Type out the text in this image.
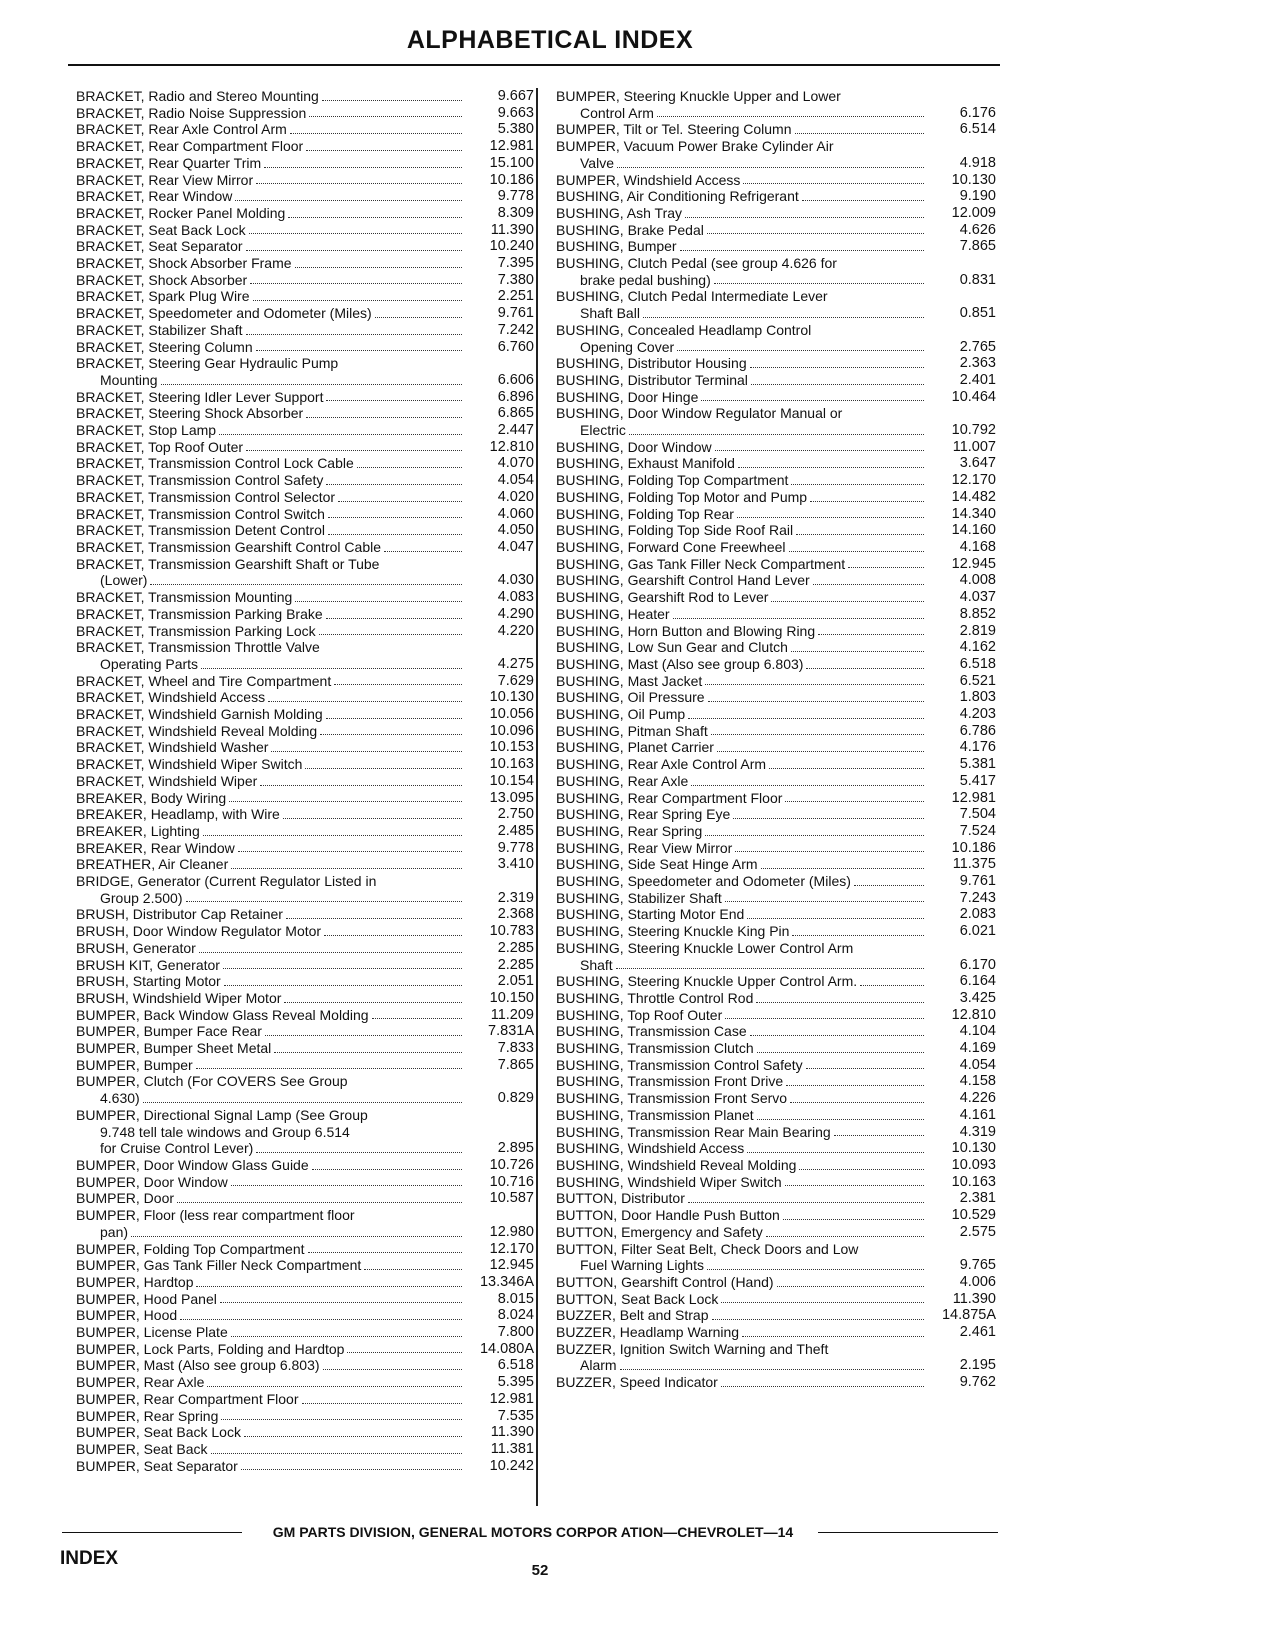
ALPHABETICAL INDEX
BRACKET, Radio and Stereo Mounting	9.667
BRACKET, Radio Noise Suppression	9.663
BRACKET, Rear Axle Control Arm	5.380
BRACKET, Rear Compartment Floor	12.981
BRACKET, Rear Quarter Trim	15.100
BRACKET, Rear View Mirror	10.186
BRACKET, Rear Window	9.778
BRACKET, Rocker Panel Molding	8.309
BRACKET, Seat Back Lock	11.390
BRACKET, Seat Separator	10.240
BRACKET, Shock Absorber Frame	7.395
BRACKET, Shock Absorber	7.380
BRACKET, Spark Plug Wire	2.251
BRACKET, Speedometer and Odometer (Miles)	9.761
BRACKET, Stabilizer Shaft	7.242
BRACKET, Steering Column	6.760
BRACKET, Steering Gear Hydraulic Pump
Mounting	6.606
BRACKET, Steering Idler Lever Support	6.896
BRACKET, Steering Shock Absorber	6.865
BRACKET, Stop Lamp	2.447
BRACKET, Top Roof Outer	12.810
BRACKET, Transmission Control Lock Cable	4.070
BRACKET, Transmission Control Safety	4.054
BRACKET, Transmission Control Selector	4.020
BRACKET, Transmission Control Switch	4.060
BRACKET, Transmission Detent Control	4.050
BRACKET, Transmission Gearshift Control Cable	4.047
BRACKET, Transmission Gearshift Shaft or Tube
(Lower)	4.030
BRACKET, Transmission Mounting	4.083
BRACKET, Transmission Parking Brake	4.290
BRACKET, Transmission Parking Lock	4.220
BRACKET, Transmission Throttle Valve
Operating Parts	4.275
BRACKET, Wheel and Tire Compartment	7.629
BRACKET, Windshield Access	10.130
BRACKET, Windshield Garnish Molding	10.056
BRACKET, Windshield Reveal Molding	10.096
BRACKET, Windshield Washer	10.153
BRACKET, Windshield Wiper Switch	10.163
BRACKET, Windshield Wiper	10.154
BREAKER, Body Wiring	13.095
BREAKER, Headlamp, with Wire	2.750
BREAKER, Lighting	2.485
BREAKER, Rear Window	9.778
BREATHER, Air Cleaner	3.410
BRIDGE, Generator (Current Regulator Listed in
Group 2.500)	2.319
BRUSH, Distributor Cap Retainer	2.368
BRUSH, Door Window Regulator Motor	10.783
BRUSH, Generator	2.285
BRUSH KIT, Generator	2.285
BRUSH, Starting Motor	2.051
BRUSH, Windshield Wiper Motor	10.150
BUMPER, Back Window Glass Reveal Molding	11.209
BUMPER, Bumper Face Rear	7.831A
BUMPER, Bumper Sheet Metal	7.833
BUMPER, Bumper	7.865
BUMPER, Clutch (For COVERS See Group
4.630)	0.829
BUMPER, Directional Signal Lamp (See Group
9.748 tell tale windows and Group 6.514
for Cruise Control Lever)	2.895
BUMPER, Door Window Glass Guide	10.726
BUMPER, Door Window	10.716
BUMPER, Door	10.587
BUMPER, Floor (less rear compartment floor
pan)	12.980
BUMPER, Folding Top Compartment	12.170
BUMPER, Gas Tank Filler Neck Compartment	12.945
BUMPER, Hardtop	13.346A
BUMPER, Hood Panel	8.015
BUMPER, Hood	8.024
BUMPER, License Plate	7.800
BUMPER, Lock Parts, Folding and Hardtop	14.080A
BUMPER, Mast (Also see group 6.803)	6.518
BUMPER, Rear Axle	5.395
BUMPER, Rear Compartment Floor	12.981
BUMPER, Rear Spring	7.535
BUMPER, Seat Back Lock	11.390
BUMPER, Seat Back	11.381
BUMPER, Seat Separator	10.242
BUMPER, Steering Knuckle Upper and Lower
Control Arm	6.176
BUMPER, Tilt or Tel. Steering Column	6.514
BUMPER, Vacuum Power Brake Cylinder Air
Valve	4.918
BUMPER, Windshield Access	10.130
BUSHING, Air Conditioning Refrigerant	9.190
BUSHING, Ash Tray	12.009
BUSHING, Brake Pedal	4.626
BUSHING, Bumper	7.865
BUSHING, Clutch Pedal (see group 4.626 for
brake pedal bushing)	0.831
BUSHING, Clutch Pedal Intermediate Lever
Shaft Ball	0.851
BUSHING, Concealed Headlamp Control
Opening Cover	2.765
BUSHING, Distributor Housing	2.363
BUSHING, Distributor Terminal	2.401
BUSHING, Door Hinge	10.464
BUSHING, Door Window Regulator Manual or
Electric	10.792
BUSHING, Door Window	11.007
BUSHING, Exhaust Manifold	3.647
BUSHING, Folding Top Compartment	12.170
BUSHING, Folding Top Motor and Pump	14.482
BUSHING, Folding Top Rear	14.340
BUSHING, Folding Top Side Roof Rail	14.160
BUSHING, Forward Cone Freewheel	4.168
BUSHING, Gas Tank Filler Neck Compartment	12.945
BUSHING, Gearshift Control Hand Lever	4.008
BUSHING, Gearshift Rod to Lever	4.037
BUSHING, Heater	8.852
BUSHING, Horn Button and Blowing Ring	2.819
BUSHING, Low Sun Gear and Clutch	4.162
BUSHING, Mast (Also see group 6.803)	6.518
BUSHING, Mast Jacket	6.521
BUSHING, Oil Pressure	1.803
BUSHING, Oil Pump	4.203
BUSHING, Pitman Shaft	6.786
BUSHING, Planet Carrier	4.176
BUSHING, Rear Axle Control Arm	5.381
BUSHING, Rear Axle	5.417
BUSHING, Rear Compartment Floor	12.981
BUSHING, Rear Spring Eye	7.504
BUSHING, Rear Spring	7.524
BUSHING, Rear View Mirror	10.186
BUSHING, Side Seat Hinge Arm	11.375
BUSHING, Speedometer and Odometer (Miles)	9.761
BUSHING, Stabilizer Shaft	7.243
BUSHING, Starting Motor End	2.083
BUSHING, Steering Knuckle King Pin	6.021
BUSHING, Steering Knuckle Lower Control Arm
Shaft	6.170
BUSHING, Steering Knuckle Upper Control Arm.	6.164
BUSHING, Throttle Control Rod	3.425
BUSHING, Top Roof Outer	12.810
BUSHING, Transmission Case	4.104
BUSHING, Transmission Clutch	4.169
BUSHING, Transmission Control Safety	4.054
BUSHING, Transmission Front Drive	4.158
BUSHING, Transmission Front Servo	4.226
BUSHING, Transmission Planet	4.161
BUSHING, Transmission Rear Main Bearing	4.319
BUSHING, Windshield Access	10.130
BUSHING, Windshield Reveal Molding	10.093
BUSHING, Windshield Wiper Switch	10.163
BUTTON, Distributor	2.381
BUTTON, Door Handle Push Button	10.529
BUTTON, Emergency and Safety	2.575
BUTTON, Filter Seat Belt, Check Doors and Low
Fuel Warning Lights	9.765
BUTTON, Gearshift Control (Hand)	4.006
BUTTON, Seat Back Lock	11.390
BUZZER, Belt and Strap	14.875A
BUZZER, Headlamp Warning	2.461
BUZZER, Ignition Switch Warning and Theft
Alarm	2.195
BUZZER, Speed Indicator	9.762
GM PARTS DIVISION, GENERAL MOTORS CORPOR ATION—CHEVROLET—14
INDEX
52
